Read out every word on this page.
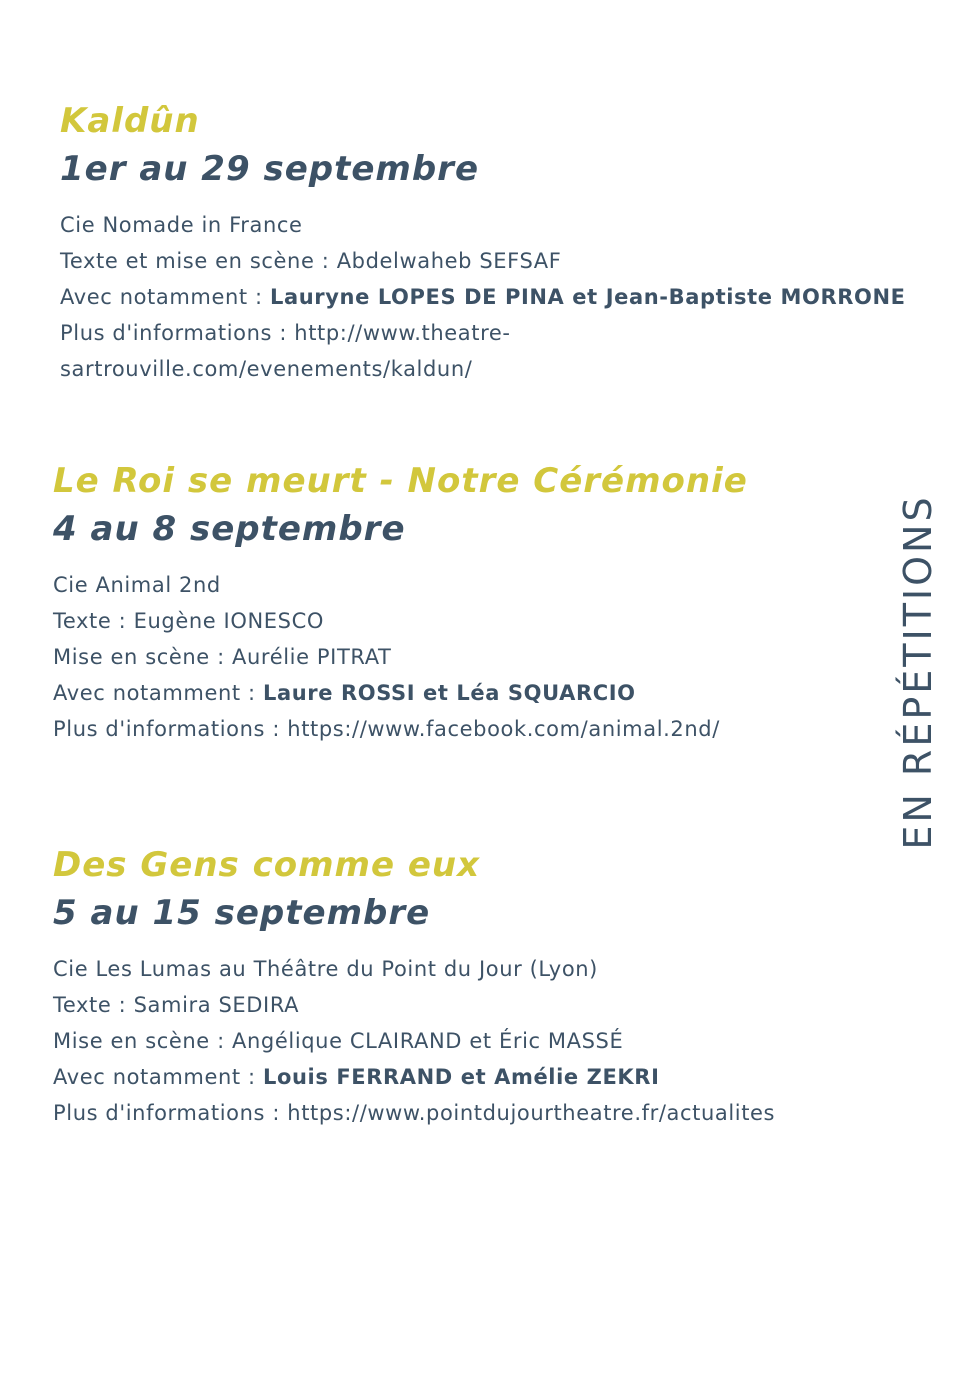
Kaldûn
1er au 29 septembre
Cie Nomade in France
Texte et mise en scène : Abdelwaheb SEFSAF
Avec notamment : Lauryne LOPES DE PINA et Jean-Baptiste MORRONE
Plus d'informations : http://www.theatre-
sartrouville.com/evenements/kaldun/
Le Roi se meurt - Notre Cérémonie
4 au 8 septembre
Cie Animal 2nd
Texte : Eugène IONESCO
Mise en scène : Aurélie PITRAT
Avec notamment : Laure ROSSI et Léa SQUARCIO
Plus d'informations : https://www.facebook.com/animal.2nd/
Des Gens comme eux
5 au 15 septembre
Cie Les Lumas au Théâtre du Point du Jour (Lyon)
Texte : Samira SEDIRA
Mise en scène : Angélique CLAIRAND et Éric MASSÉ
Avec notamment : Louis FERRAND et Amélie ZEKRI
Plus d'informations : https://www.pointdujourtheatre.fr/actualites
EN RÉPÉTITIONS
